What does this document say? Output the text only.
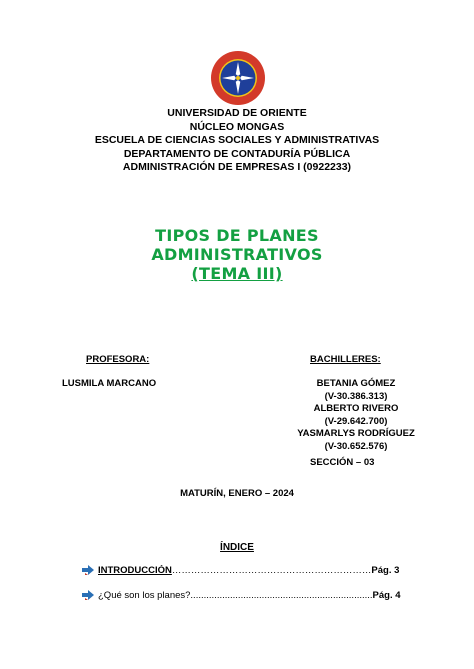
UNIVERSIDAD DE ORIENTE
NÚCLEO MONGAS
ESCUELA DE CIENCIAS SOCIALES Y ADMINISTRATIVAS
DEPARTAMENTO DE CONTADURÍA PÚBLICA
ADMINISTRACIÓN DE EMPRESAS I (0922233)
TIPOS DE PLANES
ADMINISTRATIVOS
(TEMA III)
PROFESORA:
LUSMILA MARCANO
BACHILLERES:
BETANIA GÓMEZ
(V-30.386.313)
ALBERTO RIVERO
(V-29.642.700)
YASMARLYS RODRÍGUEZ
(V-30.652.576)
SECCIÓN – 03
MATURÍN, ENERO – 2024
ÍNDICE
INTRODUCCIÓN………………………………………………………Pág. 3
¿Qué son los planes?.....................................................................Pág. 4
